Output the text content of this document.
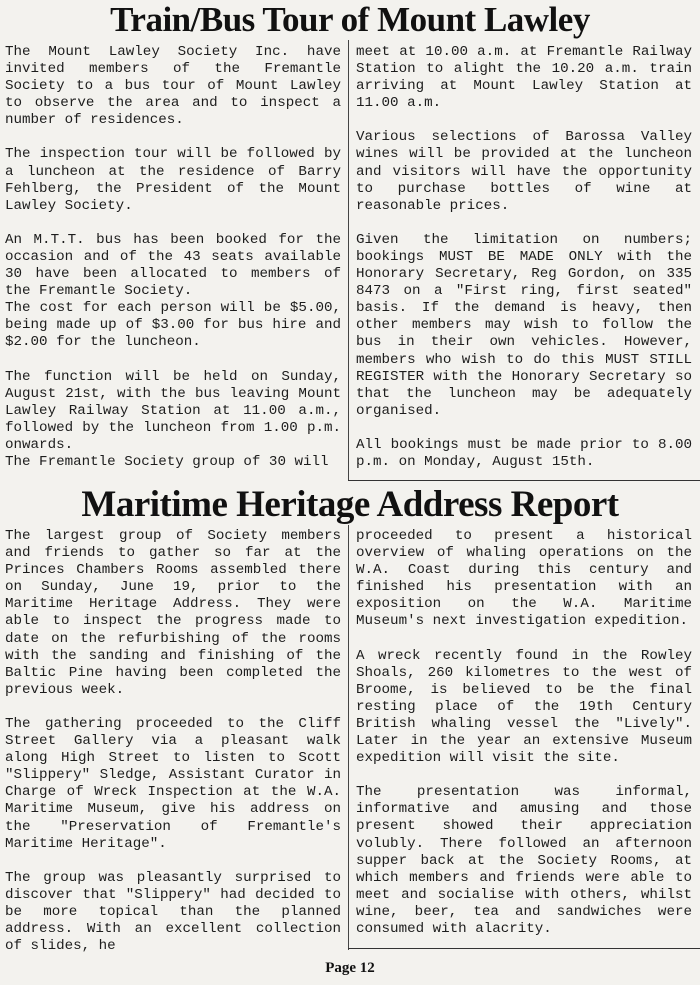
Train/Bus Tour of Mount Lawley

The Mount Lawley Society Inc. have invited members of the Fremantle Society to a bus tour of Mount Lawley to observe the area and to inspect a number of residences.

The inspection tour will be followed by a luncheon at the residence of Barry Fehlberg, the President of the Mount Lawley Society.

An M.T.T. bus has been booked for the occasion and of the 43 seats available 30 have been allocated to members of the Fremantle Society.

The cost for each person will be $5.00, being made up of $3.00 for bus hire and $2.00 for the luncheon.

The function will be held on Sunday, August 21st, with the bus leaving Mount Lawley Railway Station at 11.00 a.m., followed by the luncheon from 1.00 p.m. onwards.

The Fremantle Society group of 30 will

meet at 10.00 a.m. at Fremantle Railway Station to alight the 10.20 a.m. train arriving at Mount Lawley Station at 11.00 a.m.

Various selections of Barossa Valley wines will be provided at the luncheon and visitors will have the opportunity to purchase bottles of wine at reasonable prices.

Given the limitation on numbers; bookings MUST BE MADE ONLY with the Honorary Secretary, Reg Gordon, on 335 8473 on a "First ring, first seated" basis. If the demand is heavy, then other members may wish to follow the bus in their own vehicles. However, members who wish to do this MUST STILL REGISTER with the Honorary Secretary so that the luncheon may be adequately organised.

All bookings must be made prior to 8.00 p.m. on Monday, August 15th.

Maritime Heritage Address Report

The largest group of Society members and friends to gather so far at the Princes Chambers Rooms assembled there on Sunday, June 19, prior to the Maritime Heritage Address. They were able to inspect the progress made to date on the refurbishing of the rooms with the sanding and finishing of the Baltic Pine having been completed the previous week.

The gathering proceeded to the Cliff Street Gallery via a pleasant walk along High Street to listen to Scott "Slippery" Sledge, Assistant Curator in Charge of Wreck Inspection at the W.A. Maritime Museum, give his address on the "Preservation of Fremantle's Maritime Heritage".

The group was pleasantly surprised to discover that "Slippery" had decided to be more topical than the planned address. With an excellent collection of slides, he

proceeded to present a historical overview of whaling operations on the W.A. Coast during this century and finished his presentation with an exposition on the W.A. Maritime Museum's next investigation expedition.

A wreck recently found in the Rowley Shoals, 260 kilometres to the west of Broome, is believed to be the final resting place of the 19th Century British whaling vessel the "Lively". Later in the year an extensive Museum expedition will visit the site.

The presentation was informal, informative and amusing and those present showed their appreciation volubly. There followed an afternoon supper back at the Society Rooms, at which members and friends were able to meet and socialise with others, whilst wine, beer, tea and sandwiches were consumed with alacrity.

Page 12
